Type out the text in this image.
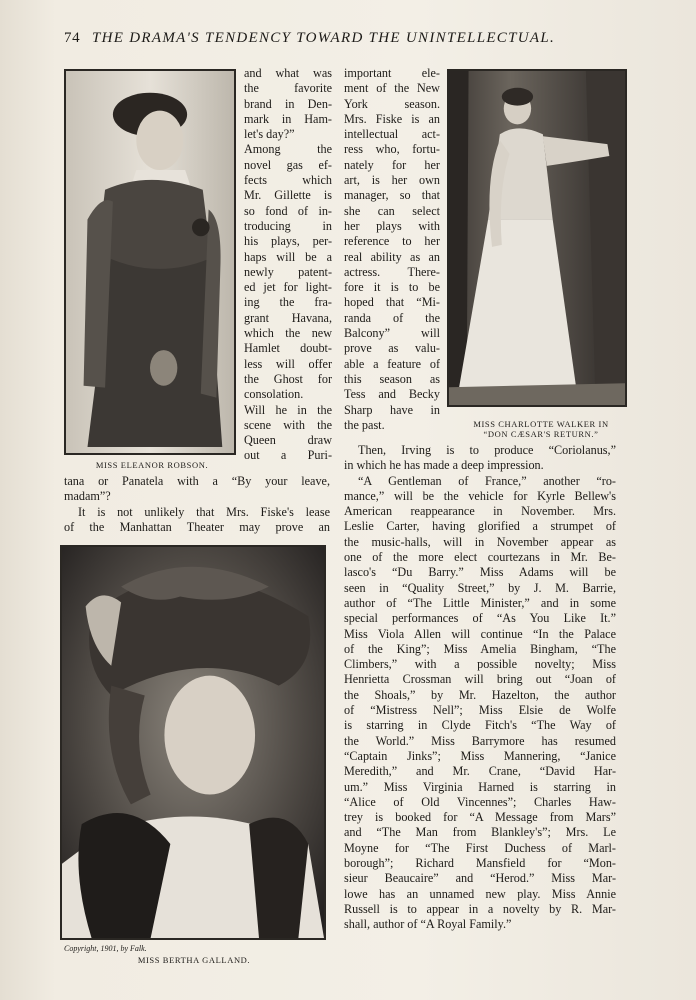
74 THE DRAMA'S TENDENCY TOWARD THE UNINTELLECTUAL.
MISS ELEANOR ROBSON.
MISS CHARLOTTE WALKER IN
“DON CÆSAR'S RETURN.”
Copyright, 1901, by Falk.
MISS BERTHA GALLAND.
and what was
the favorite
brand in Den-
mark in Ham-
let's day?”
Among the
novel gas ef-
fects which
Mr. Gillette is
so fond of in-
troducing in
his plays, per-
haps will be a
newly patent-
ed jet for light-
ing the fra-
grant Havana,
which the new
Hamlet doubt-
less will offer
the Ghost for
consolation.
Will he in the
scene with the
Queen draw
out a Puri-
important ele-
ment of the New
York season.
Mrs. Fiske is an
intellectual act-
ress who, fortu-
nately for her
art, is her own
manager, so that
she can select
her plays with
reference to her
real ability as an
actress. There-
fore it is to be
hoped that “Mi-
randa of the
Balcony” will
prove as valu-
able a feature of
this season as
Tess and Becky
Sharp have in
the past.
tana or Panatela with a “By your leave,
madam”?
It is not unlikely that Mrs. Fiske's lease
of the Manhattan Theater may prove an
Then, Irving is to produce “Coriolanus,”
in which he has made a deep impression.
“A Gentleman of France,” another “ro-
mance,” will be the vehicle for Kyrle Bellew's
American reappearance in November. Mrs.
Leslie Carter, having glorified a strumpet of
the music-halls, will in November appear as
one of the more elect courtezans in Mr. Be-
lasco's “Du Barry.” Miss Adams will be
seen in “Quality Street,” by J. M. Barrie,
author of “The Little Minister,” and in some
special performances of “As You Like It.”
Miss Viola Allen will continue “In the Palace
of the King”; Miss Amelia Bingham, “The
Climbers,” with a possible novelty; Miss
Henrietta Crossman will bring out “Joan of
the Shoals,” by Mr. Hazelton, the author
of “Mistress Nell”; Miss Elsie de Wolfe
is starring in Clyde Fitch's “The Way of
the World.” Miss Barrymore has resumed
“Captain Jinks”; Miss Mannering, “Janice
Meredith,” and Mr. Crane, “David Har-
um.” Miss Virginia Harned is starring in
“Alice of Old Vincennes”; Charles Haw-
trey is booked for “A Message from Mars”
and “The Man from Blankley's”; Mrs. Le
Moyne for “The First Duchess of Marl-
borough”; Richard Mansfield for “Mon-
sieur Beaucaire” and “Herod.” Miss Mar-
lowe has an unnamed new play. Miss Annie
Russell is to appear in a novelty by R. Mar-
shall, author of “A Royal Family.”
